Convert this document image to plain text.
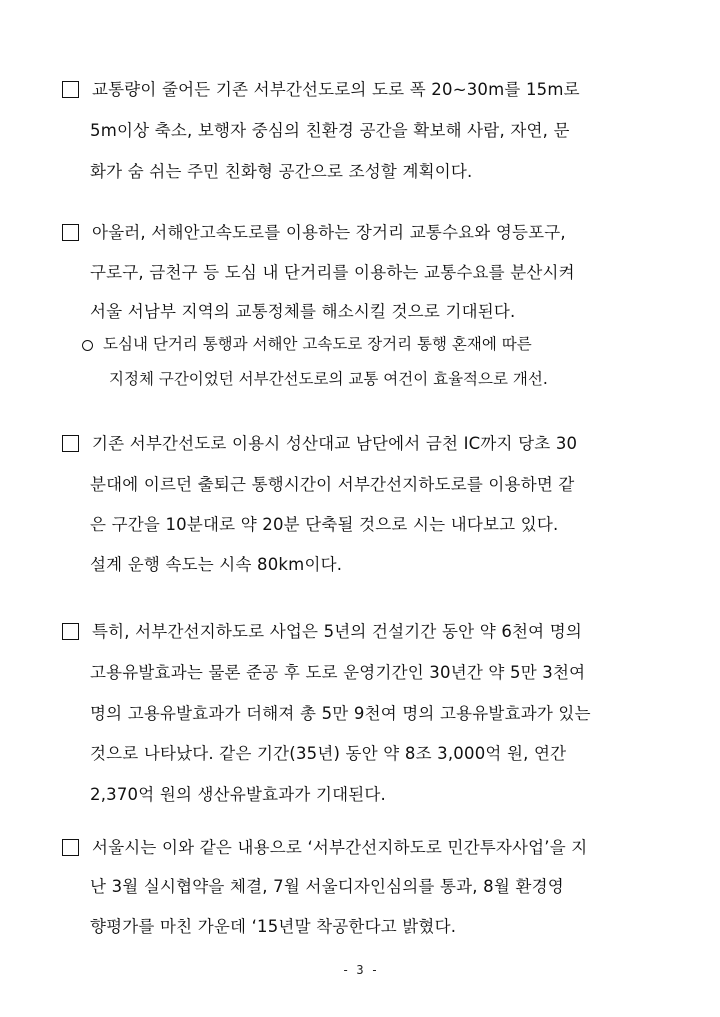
교통량이 줄어든 기존 서부간선도로의 도로 폭 20∼30m를 15m로
5m이상 축소, 보행자 중심의 친환경 공간을 확보해 사람, 자연, 문
화가 숨 쉬는 주민 친화형 공간으로 조성할 계획이다.
아울러, 서해안고속도로를 이용하는 장거리 교통수요와 영등포구,
구로구, 금천구 등 도심 내 단거리를 이용하는 교통수요를 분산시켜
서울 서남부 지역의 교통정체를 해소시킬 것으로 기대된다.
도심내 단거리 통행과 서해안 고속도로 장거리 통행 혼재에 따른
지정체 구간이었던 서부간선도로의 교통 여건이 효율적으로 개선.
기존 서부간선도로 이용시 성산대교 남단에서 금천 IC까지 당초 30
분대에 이르던 출퇴근 통행시간이 서부간선지하도로를 이용하면 같
은 구간을 10분대로 약 20분 단축될 것으로 시는 내다보고 있다.
설계 운행 속도는 시속 80km이다.
특히, 서부간선지하도로 사업은 5년의 건설기간 동안 약 6천여 명의
고용유발효과는 물론 준공 후 도로 운영기간인 30년간 약 5만 3천여
명의 고용유발효과가 더해져 총 5만 9천여 명의 고용유발효과가 있는
것으로 나타났다. 같은 기간(35년) 동안 약 8조 3,000억 원, 연간
2,370억 원의 생산유발효과가 기대된다.
서울시는 이와 같은 내용으로 ‘서부간선지하도로 민간투자사업’을 지
난 3월 실시협약을 체결, 7월 서울디자인심의를 통과, 8월 환경영
향평가를 마친 가운데 ‘15년말 착공한다고 밝혔다.
- 3 -
